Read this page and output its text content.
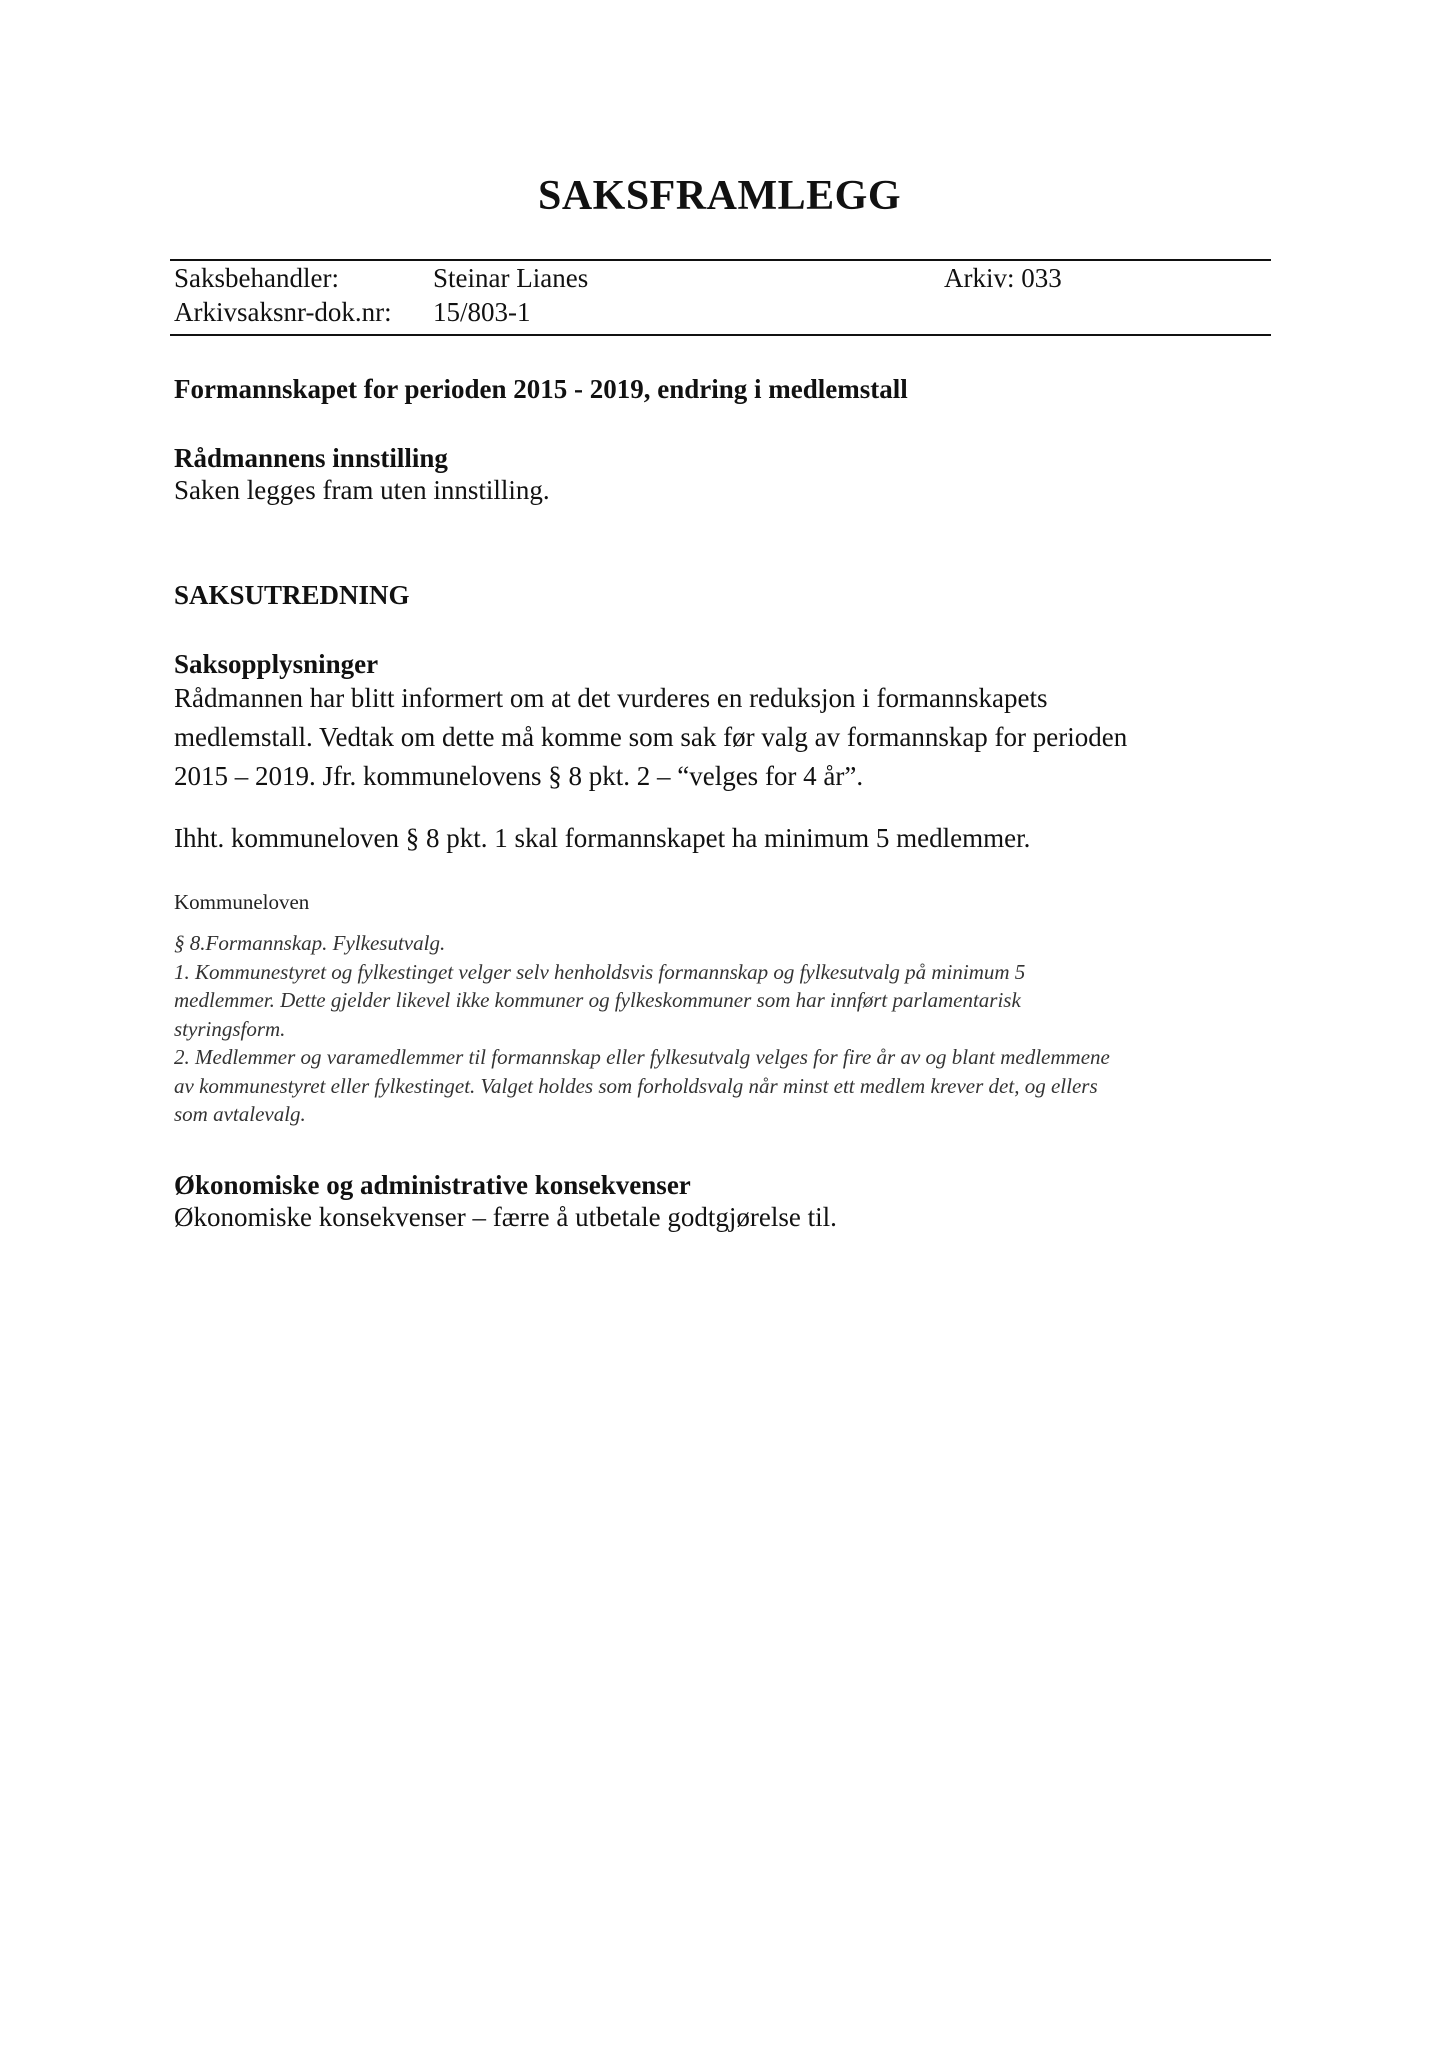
SAKSFRAMLEGG
Saksbehandler:	Steinar Lianes	Arkiv: 033
Arkivsaksnr-dok.nr: 15/803-1
Formannskapet for perioden 2015 - 2019, endring i medlemstall
Rådmannens innstilling
Saken legges fram uten innstilling.
SAKSUTREDNING
Saksopplysninger
Rådmannen har blitt informert om at det vurderes en reduksjon i formannskapets
medlemstall. Vedtak om dette må komme som sak før valg av formannskap for perioden
2015 – 2019. Jfr. kommunelovens § 8 pkt. 2 – “velges for 4 år”.
Ihht. kommuneloven § 8 pkt. 1 skal formannskapet ha minimum 5 medlemmer.
Kommuneloven
§ 8.Formannskap. Fylkesutvalg.
1. Kommunestyret og fylkestinget velger selv henholdsvis formannskap og fylkesutvalg på minimum 5
medlemmer. Dette gjelder likevel ikke kommuner og fylkeskommuner som har innført parlamentarisk
styringsform.
2. Medlemmer og varamedlemmer til formannskap eller fylkesutvalg velges for fire år av og blant medlemmene
av kommunestyret eller fylkestinget. Valget holdes som forholdsvalg når minst ett medlem krever det, og ellers
som avtalevalg.
Økonomiske og administrative konsekvenser
Økonomiske konsekvenser – færre å utbetale godtgjørelse til.
